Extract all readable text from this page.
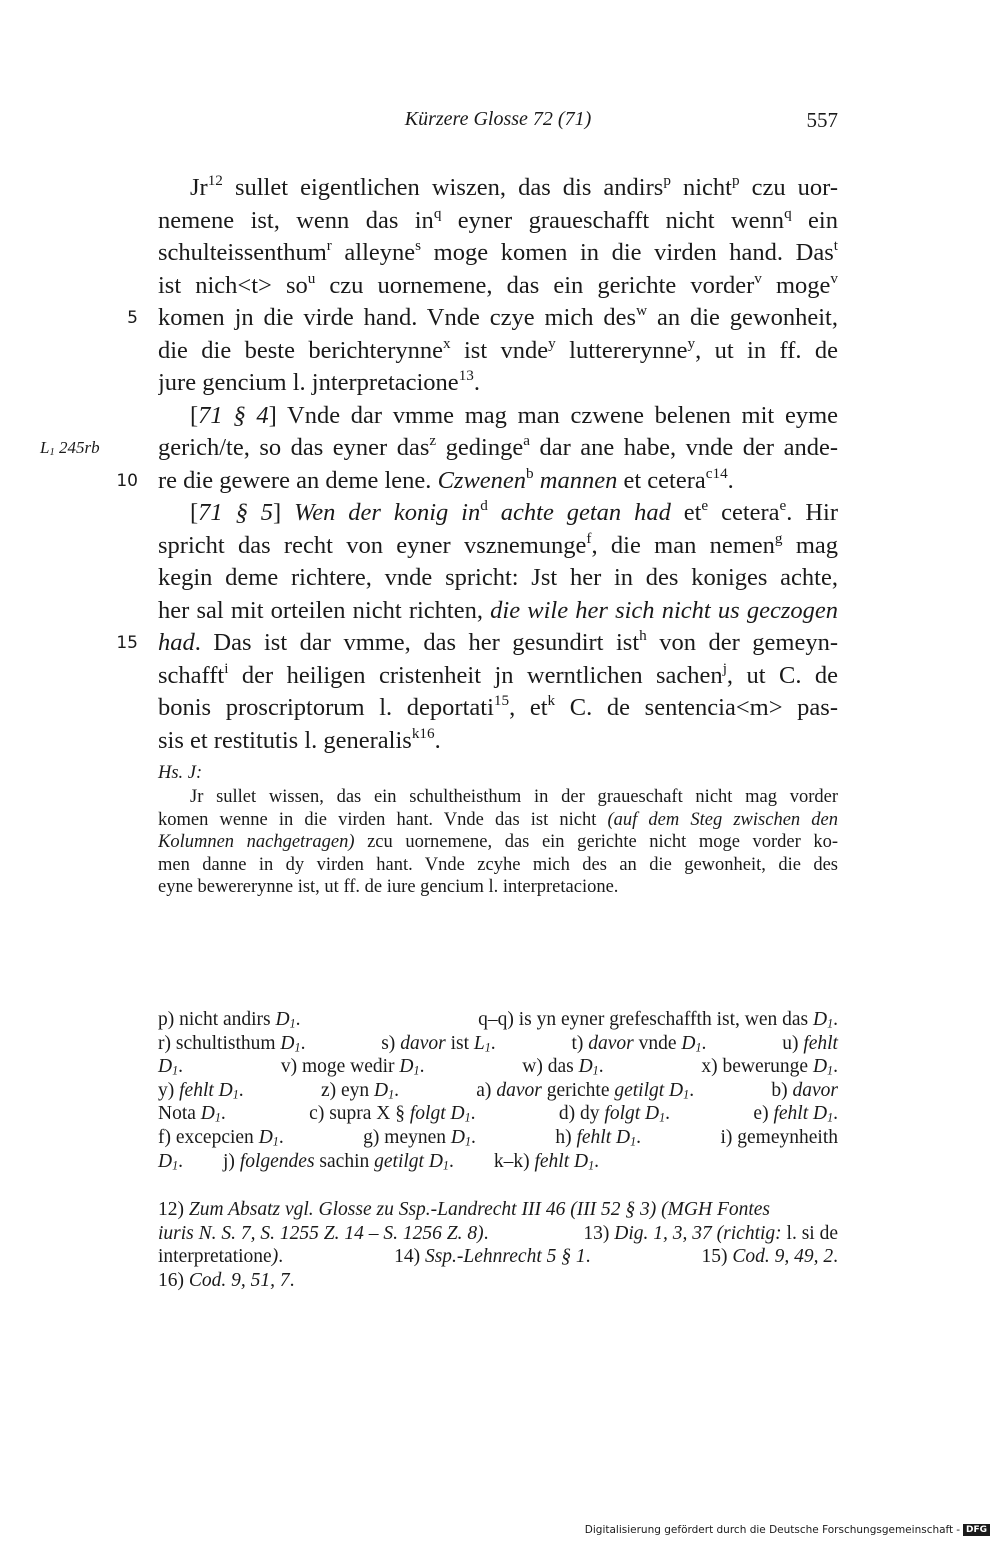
Kürzere Glosse 72 (71)	557
Jr$^{12}$ sullet eigentlichen wiszen, das dis andirs$^p$ nicht$^p$ czu uor-
nemene ist, wenn das $in^q$ eyner graueschafft nicht wenn$^q$ ein
schulteissenthum$^r$ alleyne$^s$ moge komen in die virden hand. Das$^t$
ist nich<t> $so^u$ czu uornemene, das ein gerichte vorder$^v$ moge$^v$
5 komen jn die virde hand. Vnde czye mich des$^w$ an die gewonheit,
die die beste berichterynne$^x$ ist vnde$^y$ luttererynne$^y$, ut in ff. de
jure gencium l. jnterpretacione$^{13}$.
[71 § 4] Vnde dar vmme mag man czwene belenen mit eyme
$L_1$ 245rb gerich/te, so das eyner das$^z$ gedinge$^a$ dar ane habe, vnde der ande-
10 re die gewere an deme lene. Czwenen$^b$ mannen et cetera$^{c14}$.
[71 § 5] Wen der konig $in^d$ achte getan had $et^e$ cetera$^e$. Hir
spricht das recht von eyner vsznemunge$^f$, die man nemen$^g$ mag
kegin deme richtere, vnde spricht: Jst her in des koniges achte,
her sal mit orteilen nicht richten, die wile her sich nicht us geczogen
15 had. Das ist dar vmme, das her gesundirt ist$^h$ von der gemeyn-
schafft$^i$ der heiligen cristenheit jn werntlichen sachen$^j$, ut C. de
bonis proscriptorum l. deportati$^{15}$, $et^k$ C. de sentencia<m> pas-
sis et restitutis l. generalis$^{k16}$.
Hs. J:
Jr sullet wissen, das ein schultheisthum in der graueschaft nicht mag vorder
komen wenne in die virden hant. Vnde das ist nicht (auf dem Steg zwischen den
Kolumnen nachgetragen) zcu uornemene, das ein gerichte nicht moge vorder ko-
men danne in dy virden hant. Vnde zcyhe mich des an die gewonheit, die des
eyne bewererynne ist, ut ff. de iure gencium l. interpretacione.
p) nicht andirs $D_1$.	q–q) is yn eyner grefeschaffth ist, wen das $D_1$.
r) schultisthum $D_1$.	s) davor ist $L_1$.	t) davor vnde $D_1$.	u) fehlt
$D_1$.	v) moge wedir $D_1$.	w) das $D_1$.	x) bewerunge $D_1$.
y) fehlt $D_1$.	z) eyn $D_1$.	a) davor gerichte getilgt $D_1$.	b) davor
Nota $D_1$.	c) supra X § folgt $D_1$.	d) dy folgt $D_1$.	e) fehlt $D_1$.
f) excepcien $D_1$.	g) meynen $D_1$.	h) fehlt $D_1$.	i) gemeynheith
$D_1$. j) folgendes sachin getilgt $D_1$. k–k) fehlt $D_1$.
12) Zum Absatz vgl. Glosse zu Ssp.-Landrecht III 46 (III 52 § 3) (MGH Fontes
iuris N. S. 7, S. 1255 Z. 14 – S. 1256 Z. 8).	13) Dig. 1, 3, 37 (richtig: l. si de
interpretatione).	14) Ssp.-Lehnrecht 5 § 1.	15) Cod. 9, 49, 2.
16) Cod. 9, 51, 7.
Digitalisierung gefördert durch die Deutsche Forschungsgemeinschaft - DFG
